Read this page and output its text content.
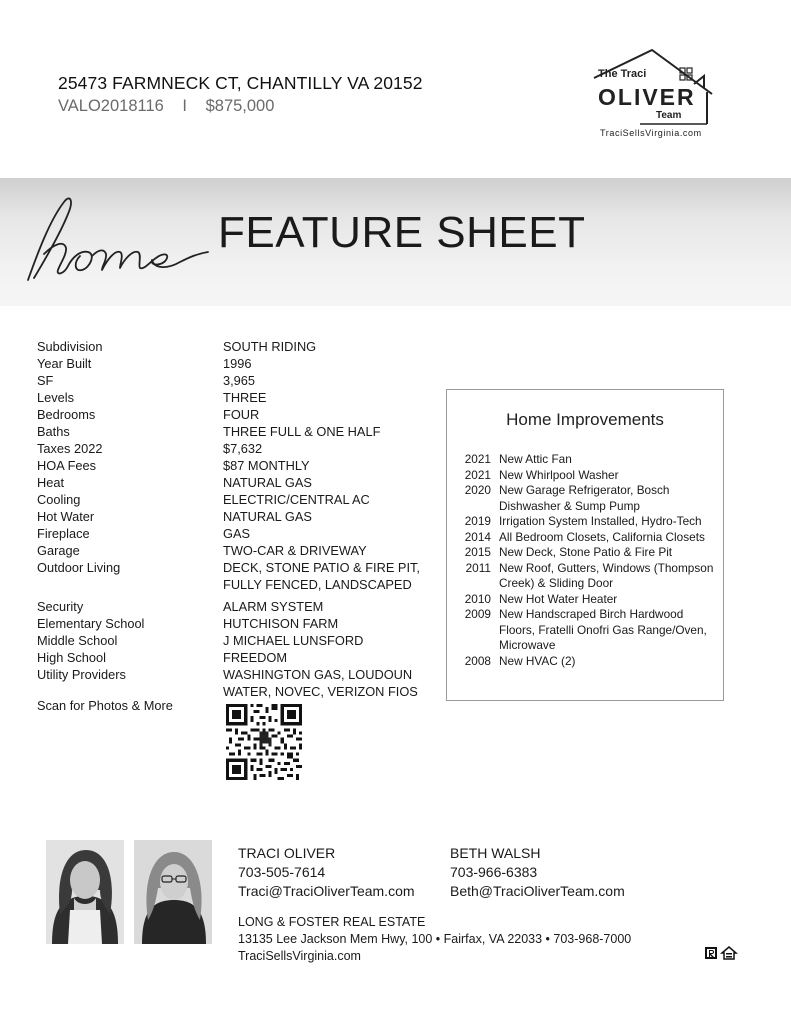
25473 FARMNECK CT, CHANTILLY VA 20152
VALO2018116 I $875,000
The Traci
OLIVER
Team
TraciSellsVirginia.com
FEATURE SHEET
Subdivision	SOUTH RIDING
Year Built	1996
SF	3,965
Levels	THREE
Bedrooms	FOUR
Baths	THREE FULL & ONE HALF
Taxes 2022	$7,632
HOA Fees	$87 MONTHLY
Heat	NATURAL GAS
Cooling	ELECTRIC/CENTRAL AC
Hot Water	NATURAL GAS
Fireplace	GAS
Garage	TWO-CAR & DRIVEWAY
Outdoor Living	DECK, STONE PATIO & FIRE PIT,
FULLY FENCED, LANDSCAPED
Security	ALARM SYSTEM
Elementary School	HUTCHISON FARM
Middle School	J MICHAEL LUNSFORD
High School	FREEDOM
Utility Providers	WASHINGTON GAS, LOUDOUN
WATER, NOVEC, VERIZON FIOS
Scan for Photos & More
Home Improvements
2021 New Attic Fan
2021 New Whirlpool Washer
2020 New Garage Refrigerator, Bosch
Dishwasher & Sump Pump
2019 Irrigation System Installed, Hydro-Tech
2014 All Bedroom Closets, California Closets
2015 New Deck, Stone Patio & Fire Pit
2011 New Roof, Gutters, Windows (Thompson
Creek) & Sliding Door
2010 New Hot Water Heater
2009 New Handscraped Birch Hardwood
Floors, Fratelli Onofri Gas Range/Oven,
Microwave
2008 New HVAC (2)
TRACI OLIVER
703-505-7614
Traci@TraciOliverTeam.com
BETH WALSH
703-966-6383
Beth@TraciOliverTeam.com
LONG & FOSTER REAL ESTATE
13135 Lee Jackson Mem Hwy, 100 • Fairfax, VA 22033 • 703-968-7000
TraciSellsVirginia.com
